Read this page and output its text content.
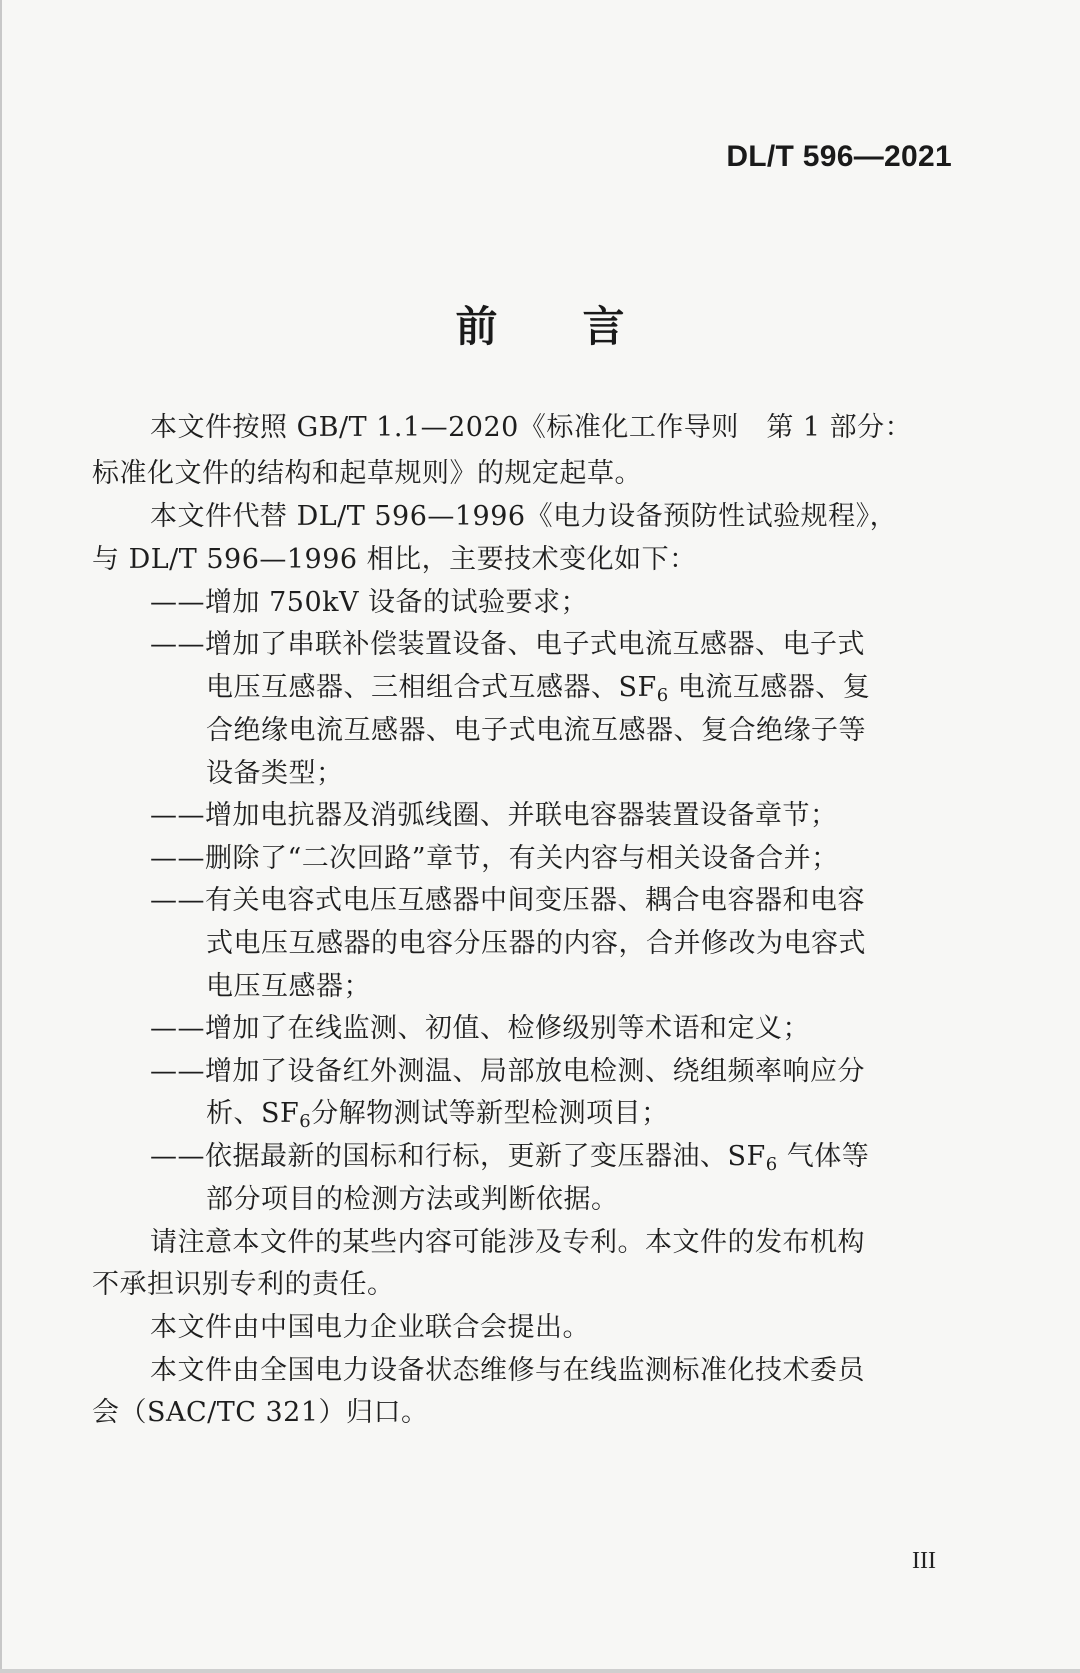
DL/T 596—2021
前言
本文件按照 GB/T 1.1—2020《标准化工作导则　第 1 部分：
标准化文件的结构和起草规则》的规定起草。
本文件代替 DL/T 596—1996《电力设备预防性试验规程》，
与 DL/T 596—1996 相比，主要技术变化如下：
——增加 750kV 设备的试验要求；
——增加了串联补偿装置设备、电子式电流互感器、电子式
电压互感器、三相组合式互感器、$SF_6$ 电流互感器、复
合绝缘电流互感器、电子式电流互感器、复合绝缘子等
设备类型；
——增加电抗器及消弧线圈、并联电容器装置设备章节；
——删除了“二次回路”章节，有关内容与相关设备合并；
——有关电容式电压互感器中间变压器、耦合电容器和电容
式电压互感器的电容分压器的内容，合并修改为电容式
电压互感器；
——增加了在线监测、初值、检修级别等术语和定义；
——增加了设备红外测温、局部放电检测、绕组频率响应分
析、$SF_6$分解物测试等新型检测项目；
——依据最新的国标和行标，更新了变压器油、$SF_6$ 气体等
部分项目的检测方法或判断依据。
请注意本文件的某些内容可能涉及专利。本文件的发布机构
不承担识别专利的责任。
本文件由中国电力企业联合会提出。
本文件由全国电力设备状态维修与在线监测标准化技术委员
会（SAC/TC 321）归口。
III
